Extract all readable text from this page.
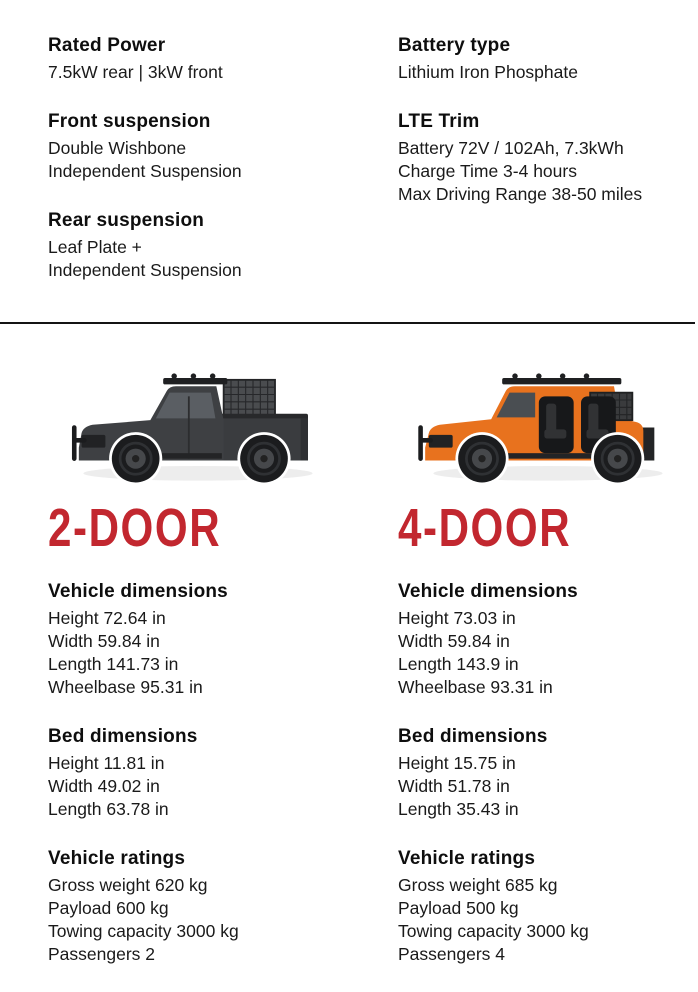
Rated Power
7.5kW rear | 3kW front
Front suspension
Double Wishbone
Independent Suspension
Rear suspension
Leaf Plate +
Independent Suspension
Battery type
Lithium Iron Phosphate
LTE Trim
Battery 72V / 102Ah, 7.3kWh
Charge Time 3-4 hours
Max Driving Range 38-50 miles
2-DOOR
Vehicle dimensions
Height 72.64 in
Width 59.84 in
Length 141.73 in
Wheelbase 95.31 in
Bed dimensions
Height 11.81 in
Width 49.02 in
Length 63.78 in
Vehicle ratings
Gross weight 620 kg
Payload 600 kg
Towing capacity 3000 kg
Passengers 2
4-DOOR
Vehicle dimensions
Height 73.03 in
Width 59.84 in
Length 143.9 in
Wheelbase 93.31 in
Bed dimensions
Height 15.75 in
Width 51.78 in
Length 35.43 in
Vehicle ratings
Gross weight 685 kg
Payload 500 kg
Towing capacity 3000 kg
Passengers 4
